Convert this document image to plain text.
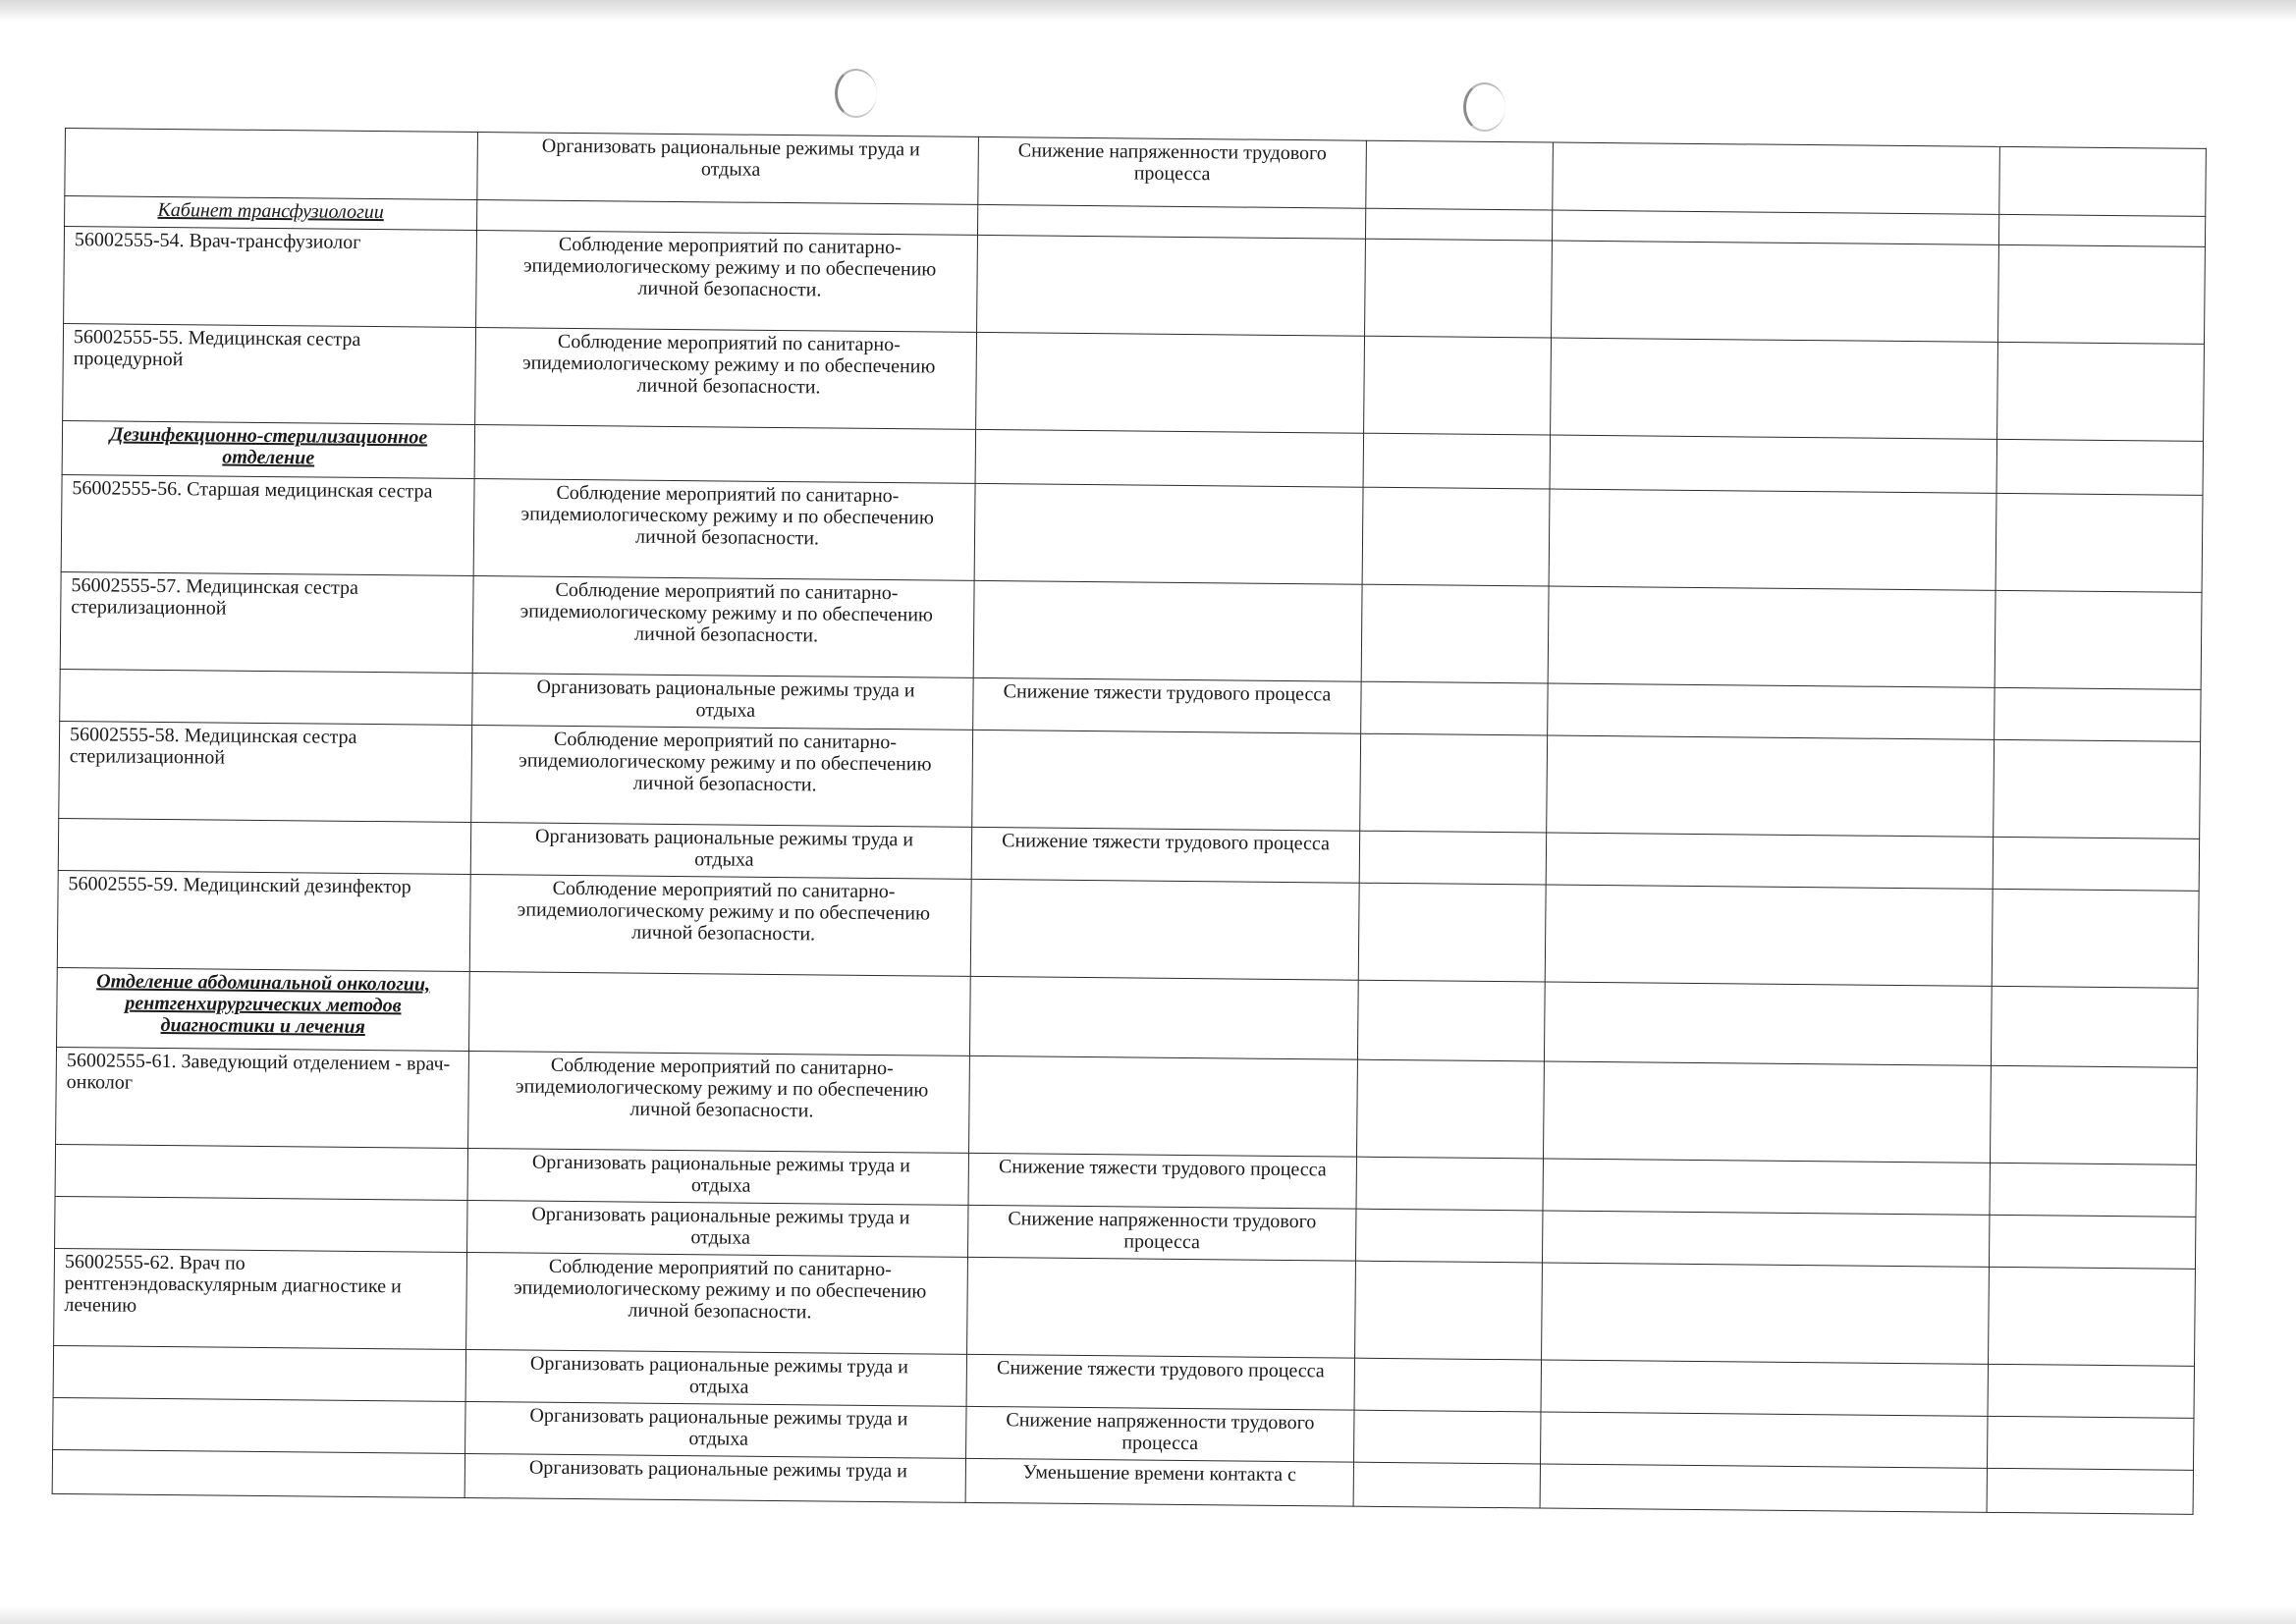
	Организовать рациональные режимы труда и отдыха	Снижение напряженности трудового процесса			
Кабинет трансфузиологии					
56002555-54. Врач-трансфузиолог	Соблюдение мероприятий по санитарно-эпидемиологическому режиму и по обеспечению личной безопасности.				

56002555-55. Медицинская сестра процедурной	Соблюдение мероприятий по санитарно-эпидемиологическому режиму и по обеспечению личной безопасности.				

Дезинфекционно-стерилизационное отделение					
56002555-56. Старшая медицинская сестра	Соблюдение мероприятий по санитарно-эпидемиологическому режиму и по обеспечению личной безопасности.				

56002555-57. Медицинская сестра стерилизационной	Соблюдение мероприятий по санитарно-эпидемиологическому режиму и по обеспечению личной безопасности.				

	Организовать рациональные режимы труда и отдыха	Снижение тяжести трудового процесса			
56002555-58. Медицинская сестра стерилизационной	Соблюдение мероприятий по санитарно-эпидемиологическому режиму и по обеспечению личной безопасности.				

	Организовать рациональные режимы труда и отдыха	Снижение тяжести трудового процесса			
56002555-59. Медицинский дезинфектор	Соблюдение мероприятий по санитарно-эпидемиологическому режиму и по обеспечению личной безопасности.				

Отделение абдоминальной онкологии, рентгенхирургических методов диагностики и лечения					
56002555-61. Заведующий отделением - врач-онколог	Соблюдение мероприятий по санитарно-эпидемиологическому режиму и по обеспечению личной безопасности.				

	Организовать рациональные режимы труда и отдыха	Снижение тяжести трудового процесса			

	Организовать рациональные режимы труда и отдыха	Снижение напряженности трудового процесса			
56002555-62. Врач по рентгенэндоваскулярным диагностике и лечению	Соблюдение мероприятий по санитарно-эпидемиологическому режиму и по обеспечению личной безопасности.				

	Организовать рациональные режимы труда и отдыха	Снижение тяжести трудового процесса			

	Организовать рациональные режимы труда и отдыха	Снижение напряженности трудового процесса			

	Организовать рациональные режимы труда и	Уменьшение времени контакта с			
